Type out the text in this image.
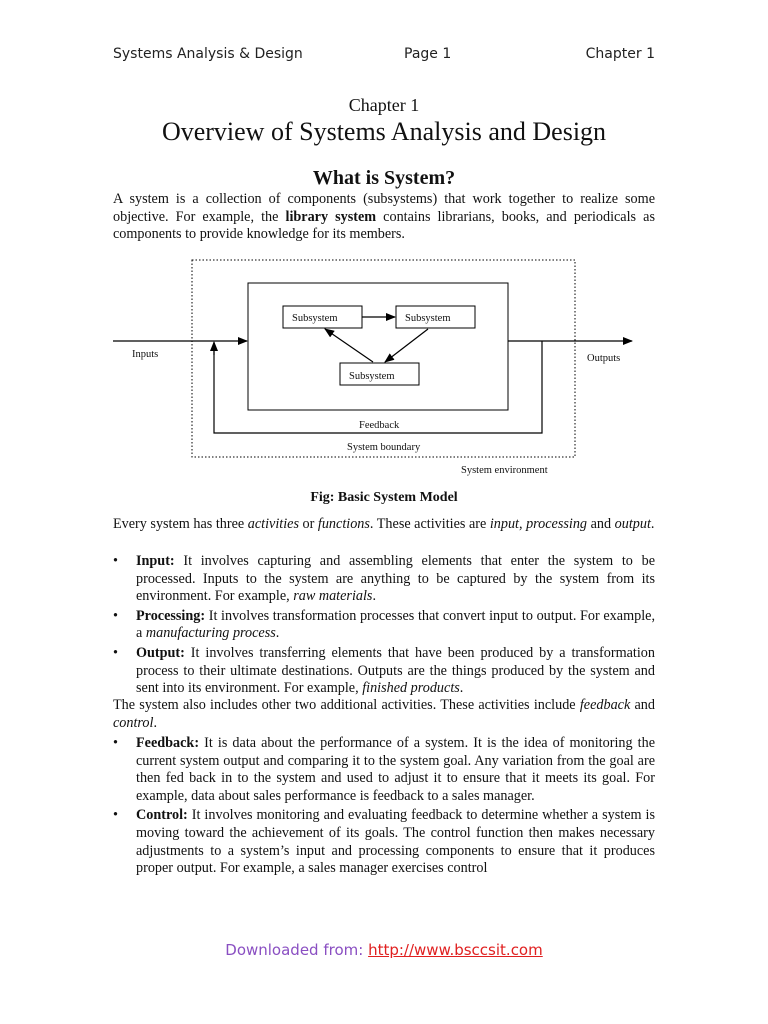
Systems Analysis & Design	Page 1	Chapter 1
Chapter 1
Overview of Systems Analysis and Design
What is System?

A system is a collection of components (subsystems) that work together to realize some objective. For example, the library system contains librarians, books, and periodicals as components to provide knowledge for its members.

Subsystem	Subsystem
Subsystem
Inputs	Outputs
Feedback
System boundary
System environment
Fig: Basic System Model

Every system has three activities or functions. These activities are input, processing and output.

• Input: It involves capturing and assembling elements that enter the system to be processed. Inputs to the system are anything to be captured by the system from its environment. For example, raw materials.
• Processing: It involves transformation processes that convert input to output. For example, a manufacturing process.
• Output: It involves transferring elements that have been produced by a transformation process to their ultimate destinations. Outputs are the things produced by the system and sent into its environment. For example, finished products.

The system also includes other two additional activities. These activities include feedback and control.

• Feedback: It is data about the performance of a system. It is the idea of monitoring the current system output and comparing it to the system goal. Any variation from the goal are then fed back in to the system and used to adjust it to ensure that it meets its goal. For example, data about sales performance is feedback to a sales manager.
• Control: It involves monitoring and evaluating feedback to determine whether a system is moving toward the achievement of its goals. The control function then makes necessary adjustments to a system’s input and processing components to ensure that it produces proper output. For example, a sales manager exercises control
Downloaded from: http://www.bsccsit.com
